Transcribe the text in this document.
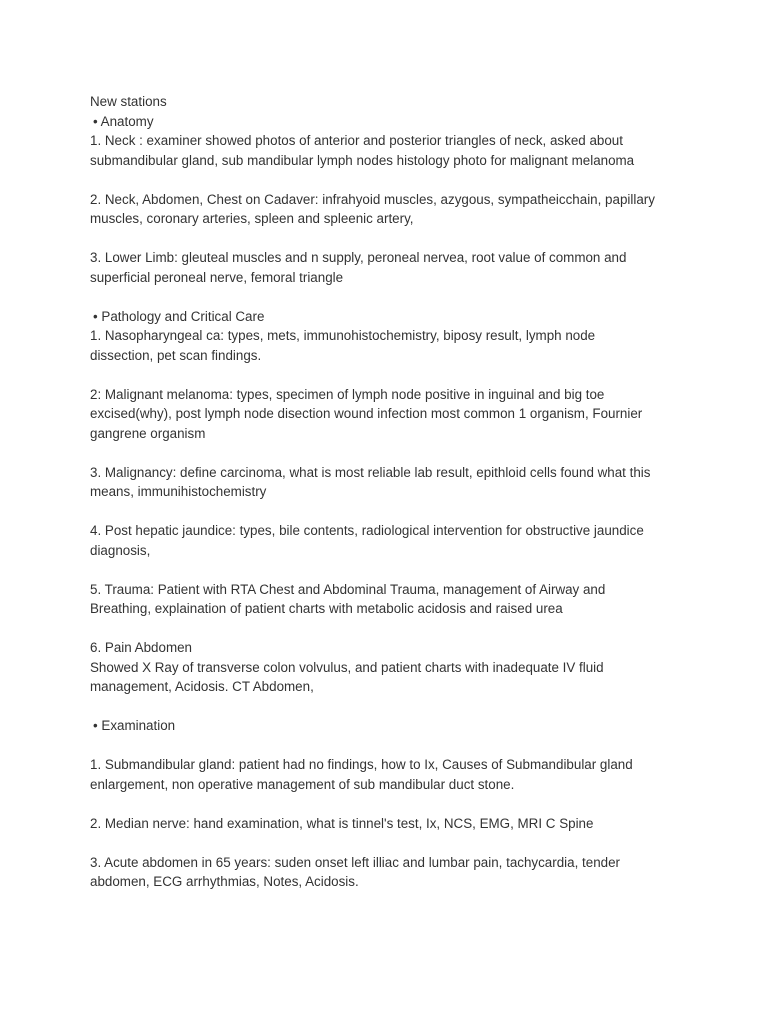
New stations
• Anatomy
1. Neck : examiner showed photos of anterior and posterior triangles of neck, asked about
submandibular gland, sub mandibular lymph nodes histology photo for malignant melanoma
2. Neck, Abdomen, Chest on Cadaver: infrahyoid muscles, azygous, sympatheicchain, papillary
muscles, coronary arteries, spleen and spleenic artery,
3. Lower Limb: gleuteal muscles and n supply, peroneal nervea, root value of common and
superficial peroneal nerve, femoral triangle
• Pathology and Critical Care
1. Nasopharyngeal ca: types, mets, immunohistochemistry, biposy result, lymph node
dissection, pet scan findings.
2: Malignant melanoma: types, specimen of lymph node positive in inguinal and big toe
excised(why), post lymph node disection wound infection most common 1 organism, Fournier
gangrene organism
3. Malignancy: define carcinoma, what is most reliable lab result, epithloid cells found what this
means, immunihistochemistry
4. Post hepatic jaundice: types, bile contents, radiological intervention for obstructive jaundice
diagnosis,
5. Trauma: Patient with RTA Chest and Abdominal Trauma, management of Airway and
Breathing, explaination of patient charts with metabolic acidosis and raised urea
6. Pain Abdomen
Showed X Ray of transverse colon volvulus, and patient charts with inadequate IV fluid
management, Acidosis. CT Abdomen,
• Examination
1. Submandibular gland: patient had no findings, how to Ix, Causes of Submandibular gland
enlargement, non operative management of sub mandibular duct stone.
2. Median nerve: hand examination, what is tinnel's test, Ix, NCS, EMG, MRI C Spine
3. Acute abdomen in 65 years: suden onset left illiac and lumbar pain, tachycardia, tender
abdomen, ECG arrhythmias, Notes, Acidosis.
